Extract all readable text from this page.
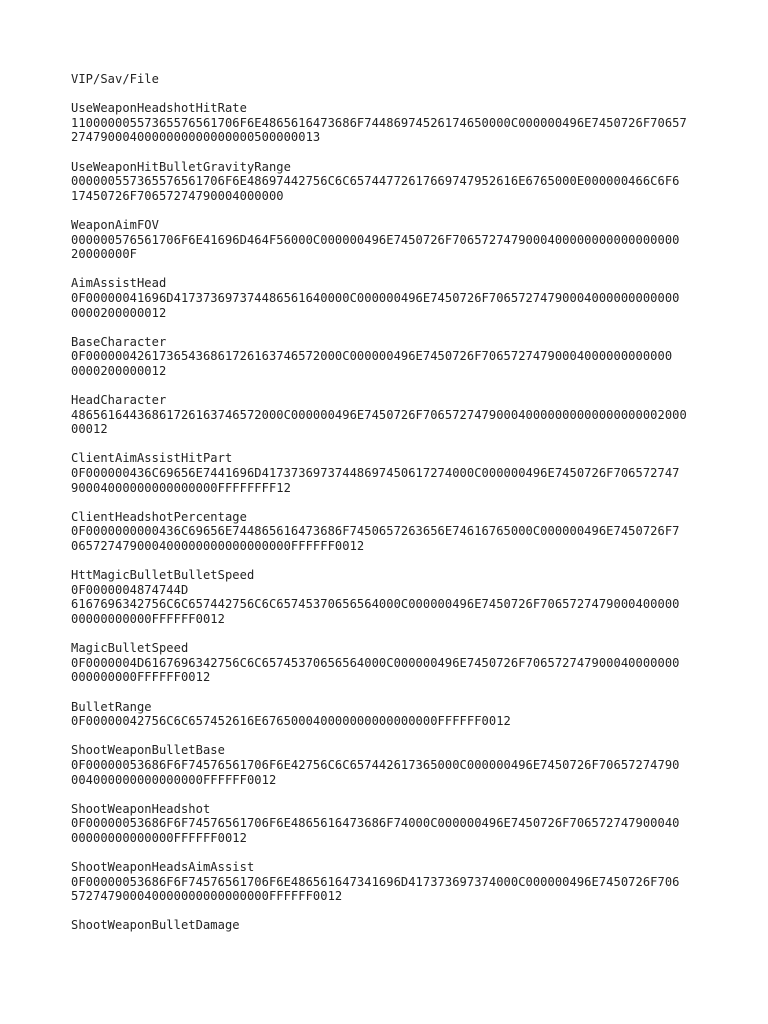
VIP/Sav/File
UseWeaponHeadshotHitRate
11000000557365576561706F6E4865616473686F74486974526174650000C000000496E7450726F70657
2747900040000000000000000500000013
UseWeaponHitBulletGravityRange
000000557365576561706F6E48697442756C6C65744772617669747952616E6765000E000000466C6F6
17450726F70657274790004000000
WeaponAimFOV
000000576561706F6E41696D464F56000C000000496E7450726F7065727479000400000000000000000
20000000F
AimAssistHead
0F00000041696D417373697374486561640000C000000496E7450726F70657274790004000000000000
0000200000012
BaseCharacter
0F00000042617365436861726163746572000C000000496E7450726F70657274790004000000000000
0000200000012
HeadCharacter
48656164436861726163746572000C000000496E7450726F706572747900040000000000000000002000
00012
ClientAimAssistHitPart
0F000000436C69656E7441696D41737369737448697450617274000C000000496E7450726F706572747
90004000000000000000FFFFFFFF12
ClientHeadshotPercentage
0F0000000000436C69656E744865616473686F7450657263656E74616765000C000000496E7450726F7
065727479000400000000000000000FFFFFF0012
HttMagicBulletBulletSpeed
0F0000004874744D
6167696342756C6C657442756C6C65745370656564000C000000496E7450726F7065727479000400000
00000000000FFFFFF0012
MagicBulletSpeed
0F0000004D6167696342756C6C65745370656564000C000000496E7450726F706572747900040000000
000000000FFFFFF0012
BulletRange
0F00000042756C6C657452616E676500040000000000000000FFFFFF0012
ShootWeaponBulletBase
0F00000053686F6F74576561706F6E42756C6C657442617365000C000000496E7450726F70657274790
004000000000000000FFFFFF0012
ShootWeaponHeadshot
0F00000053686F6F74576561706F6E4865616473686F74000C000000496E7450726F706572747900040
00000000000000FFFFFF0012
ShootWeaponHeadsAimAssist
0F00000053686F6F74576561706F6E486561647341696D417373697374000C000000496E7450726F706
572747900040000000000000000FFFFFF0012
ShootWeaponBulletDamage
